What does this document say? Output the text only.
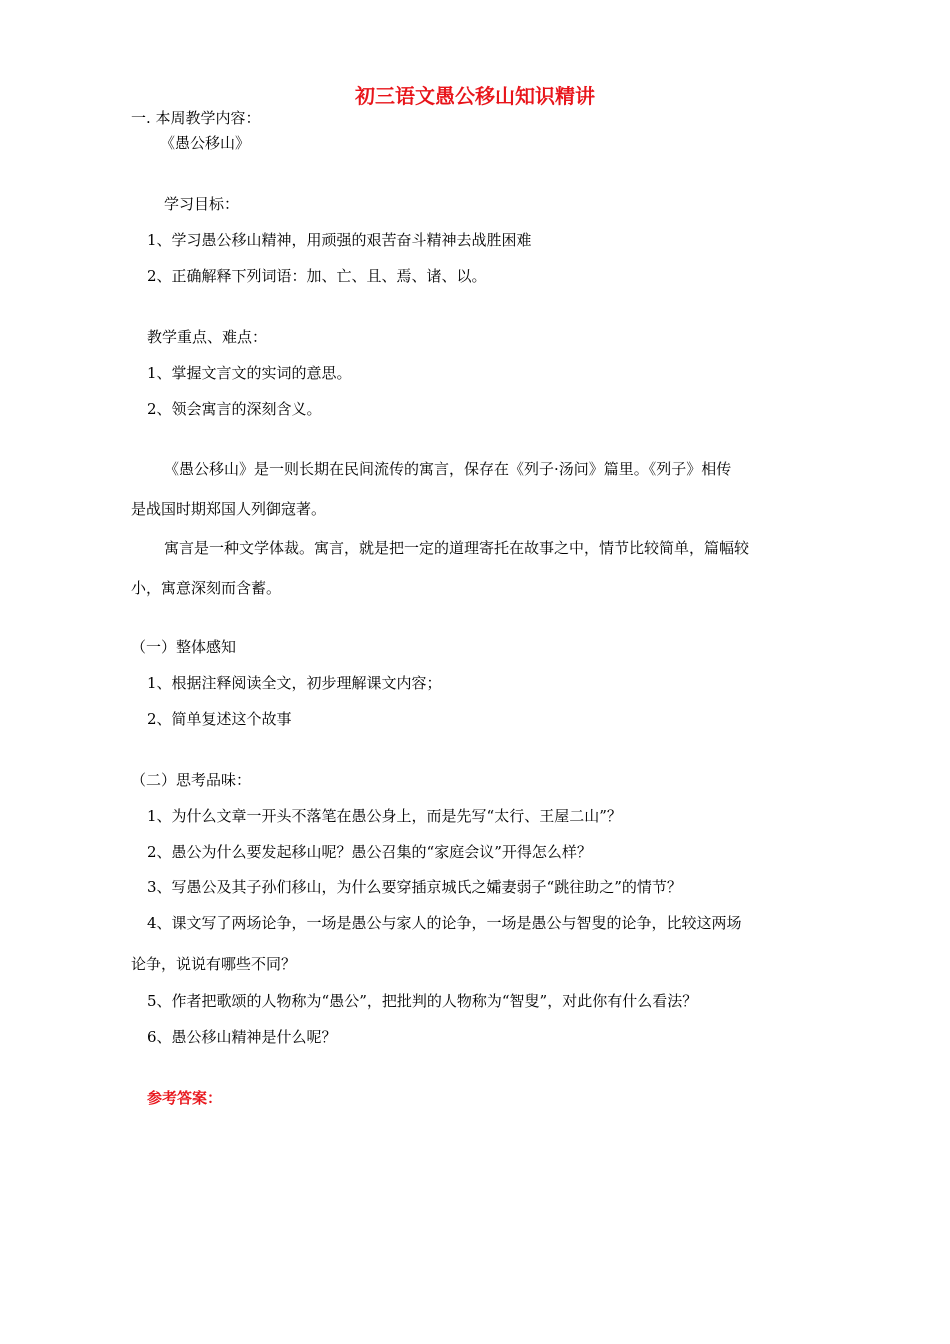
初三语文愚公移山知识精讲
一. 本周教学内容：
《愚公移山》
学习目标：
1、学习愚公移山精神，用顽强的艰苦奋斗精神去战胜困难
2、正确解释下列词语：加、亡、且、焉、诸、以。
教学重点、难点：
1、掌握文言文的实词的意思。
2、领会寓言的深刻含义。
《愚公移山》是一则长期在民间流传的寓言，保存在《列子·汤问》篇里。《列子》相传
是战国时期郑国人列御寇著。
寓言是一种文学体裁。寓言，就是把一定的道理寄托在故事之中，情节比较简单，篇幅较
小，寓意深刻而含蓄。
（一）整体感知
1、根据注释阅读全文，初步理解课文内容；
2、简单复述这个故事
（二）思考品味：
1、为什么文章一开头不落笔在愚公身上，而是先写“太行、王屋二山”？
2、愚公为什么要发起移山呢？愚公召集的“家庭会议”开得怎么样？
3、写愚公及其子孙们移山，为什么要穿插京城氏之孀妻弱子“跳往助之”的情节？
4、课文写了两场论争，一场是愚公与家人的论争，一场是愚公与智叟的论争，比较这两场
论争，说说有哪些不同？
5、作者把歌颂的人物称为“愚公”，把批判的人物称为“智叟”，对此你有什么看法？
6、愚公移山精神是什么呢？
参考答案：
